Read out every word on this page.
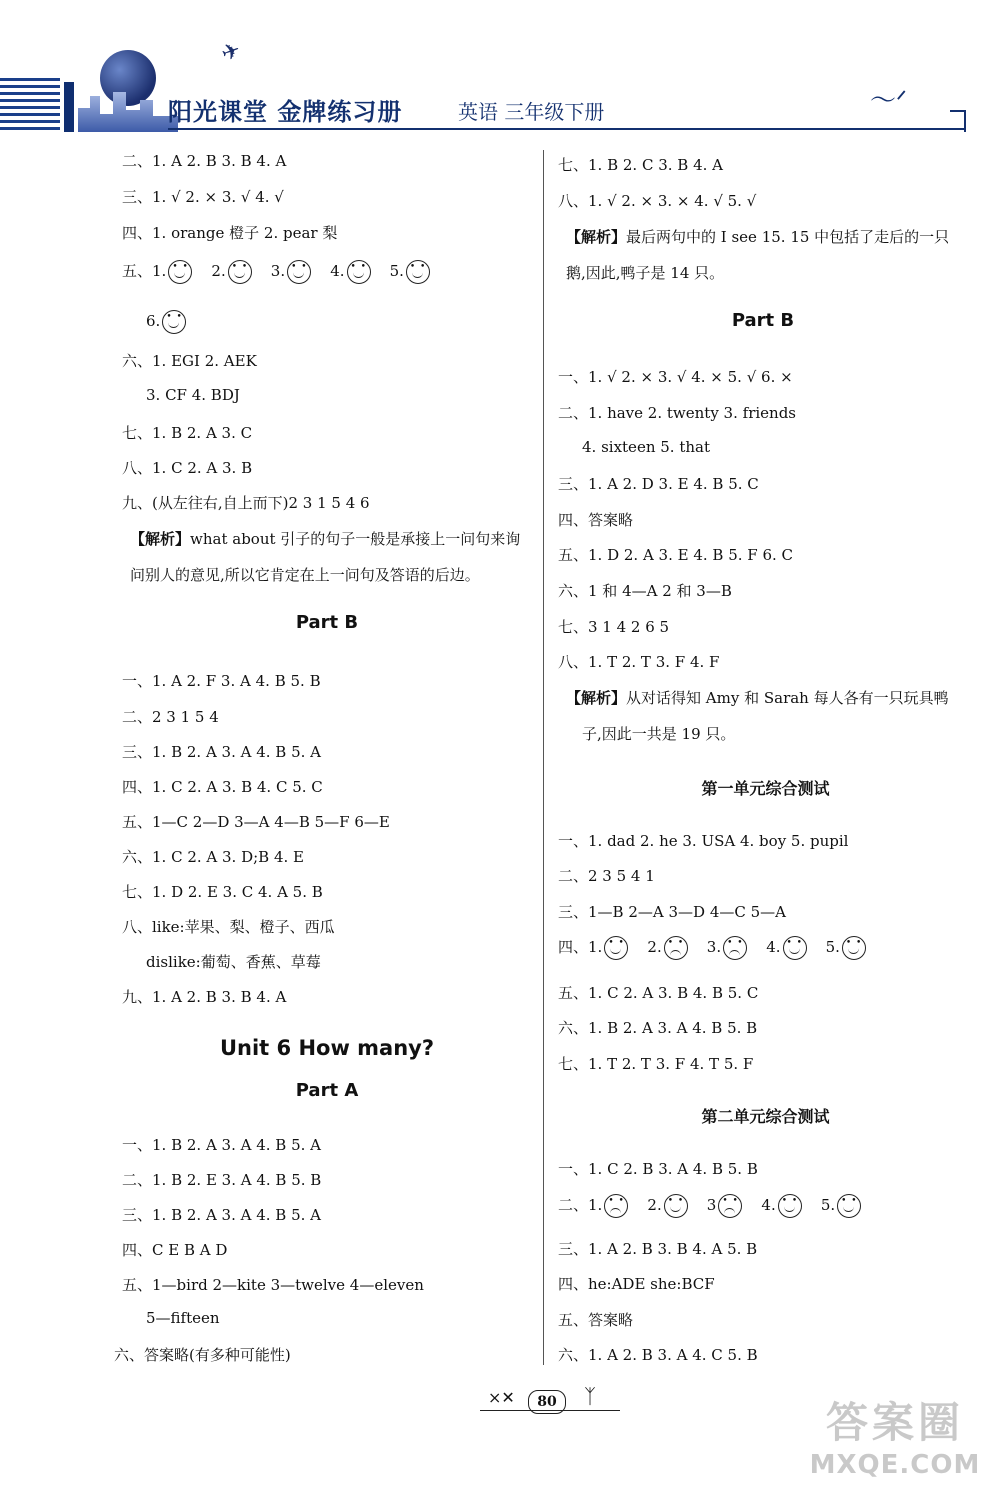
✈
阳光课堂 金牌练习册	英语 三年级下册	〜ᐟ
二、1. A 2. B 3. B 4. A
三、1. √ 2. × 3. √ 4. √
四、1. orange 橙子 2. pear 梨
五、1. • •	2. • •	3. • •	4. • •	5.• •
6.• •
六、1. EGI 2. AEK
3. CF 4. BDJ
七、1. B 2. A 3. C
八、1. C 2. A 3. B
九、(从左往右,自上而下)2 3 1 5 4 6
【解析】what about 引子的句子一般是承接上一问句来询
问别人的意见,所以它肯定在上一问句及答语的后边。
Part B
一、1. A 2. F 3. A 4. B 5. B
二、2 3 1 5 4
三、1. B 2. A 3. A 4. B 5. A
四、1. C 2. A 3. B 4. C 5. C
五、1—C 2—D 3—A 4—B 5—F 6—E
六、1. C 2. A 3. D;B 4. E
七、1. D 2. E 3. C 4. A 5. B
八、like:苹果、梨、橙子、西瓜
dislike:葡萄、香蕉、草莓
九、1. A 2. B 3. B 4. A
Unit 6 How many?
Part A
一、1. B 2. A 3. A 4. B 5. A
二、1. B 2. E 3. A 4. B 5. B
三、1. B 2. A 3. A 4. B 5. A
四、C E B A D
五、1—bird 2—kite 3—twelve 4—eleven
5—fifteen
六、答案略(有多种可能性)
七、1. B 2. C 3. B 4. A
八、1. √ 2. × 3. × 4. √ 5. √
【解析】最后两句中的 I see 15. 15 中包括了走后的一只
鹅,因此,鸭子是 14 只。
Part B
一、1. √ 2. × 3. √ 4. × 5. √ 6. ×
二、1. have 2. twenty 3. friends
4. sixteen 5. that
三、1. A 2. D 3. E 4. B 5. C
四、答案略
五、1. D 2. A 3. E 4. B 5. F 6. C
六、1 和 4—A 2 和 3—B
七、3 1 4 2 6 5
八、1. T 2. T 3. F 4. F
【解析】从对话得知 Amy 和 Sarah 每人各有一只玩具鸭
子,因此一共是 19 只。
第一单元综合测试
一、1. dad 2. he 3. USA 4. boy 5. pupil
二、2 3 5 4 1
三、1—B 2—A 3—D 4—C 5—A
四、1. • •	2. • •	3. • •	4. • •	5.• •
五、1. C 2. A 3. B 4. B 5. C
六、1. B 2. A 3. A 4. B 5. B
七、1. T 2. T 3. F 4. T 5. F
第二单元综合测试
一、1. C 2. B 3. A 4. B 5. B
二、1. • •	2. • •	3 • •	4. • •	5.• •
三、1. A 2. B 3. B 4. A 5. B
四、he:ADE she:BCF
五、答案略
六、1. A 2. B 3. A 4. C 5. B
×✕	80	ᛉ
答案圈
MXQE.COM
